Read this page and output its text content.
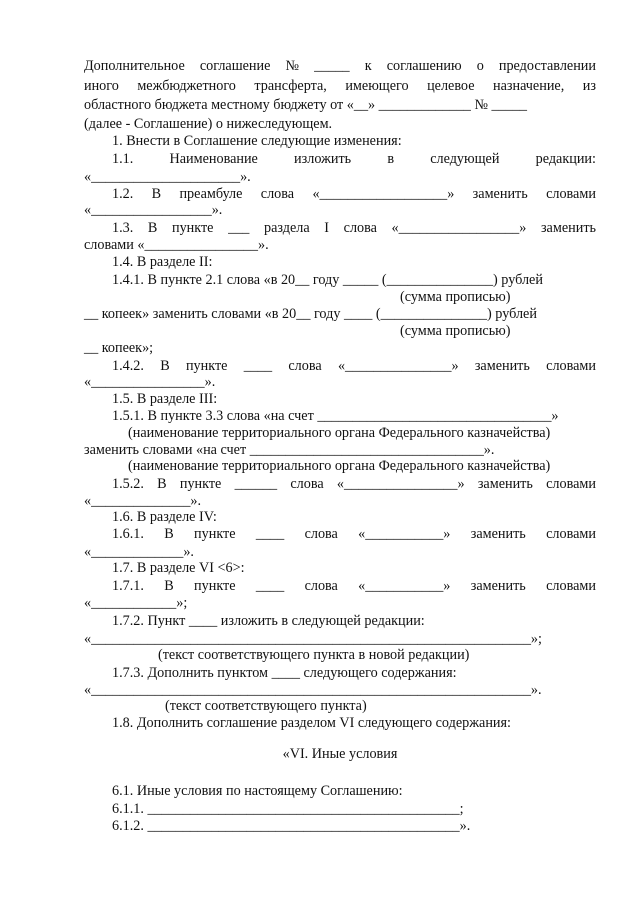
Дополнительное соглашение № _____ к соглашению о предоставлении
иного межбюджетного трансферта, имеющего целевое назначение, из
областного бюджета местному бюджету от «__» _____________ № _____
(далее - Соглашение) о нижеследующем.
1. Внести в Соглашение следующие изменения:
1.1.	Наименование	изложить	в	следующей	редакции:
«_____________________».
1.2. В преамбуле слова «__________________» заменить словами
«_________________».
1.3. В пункте ___ раздела I слова «_________________» заменить
словами «________________».
1.4. В разделе II:
1.4.1. В пункте 2.1 слова «в 20__ году _____ (_______________) рублей
(сумма прописью)
__ копеек» заменить словами «в 20__ году ____ (_______________) рублей
(сумма прописью)
__ копеек»;
1.4.2. В пункте ____ слова «_______________» заменить словами
«________________».
1.5. В разделе III:
1.5.1. В пункте 3.3 слова «на счет _________________________________»
(наименование территориального органа Федерального казначейства)
заменить словами «на счет _________________________________».
(наименование территориального органа Федерального казначейства)
1.5.2. В пункте ______ слова «________________» заменить словами
«______________».
1.6. В разделе IV:
1.6.1. В пункте ____ слова «___________» заменить словами
«_____________».
1.7. В разделе VI <6>:
1.7.1. В пункте ____ слова «___________» заменить словами
«____________»;
1.7.2. Пункт ____ изложить в следующей редакции:
«______________________________________________________________»;
(текст соответствующего пункта в новой редакции)
1.7.3. Дополнить пунктом ____ следующего содержания:
«______________________________________________________________».
(текст соответствующего пункта)
1.8. Дополнить соглашение разделом VI следующего содержания:
«VI. Иные условия
6.1. Иные условия по настоящему Соглашению:
6.1.1. ____________________________________________;
6.1.2. ____________________________________________».
